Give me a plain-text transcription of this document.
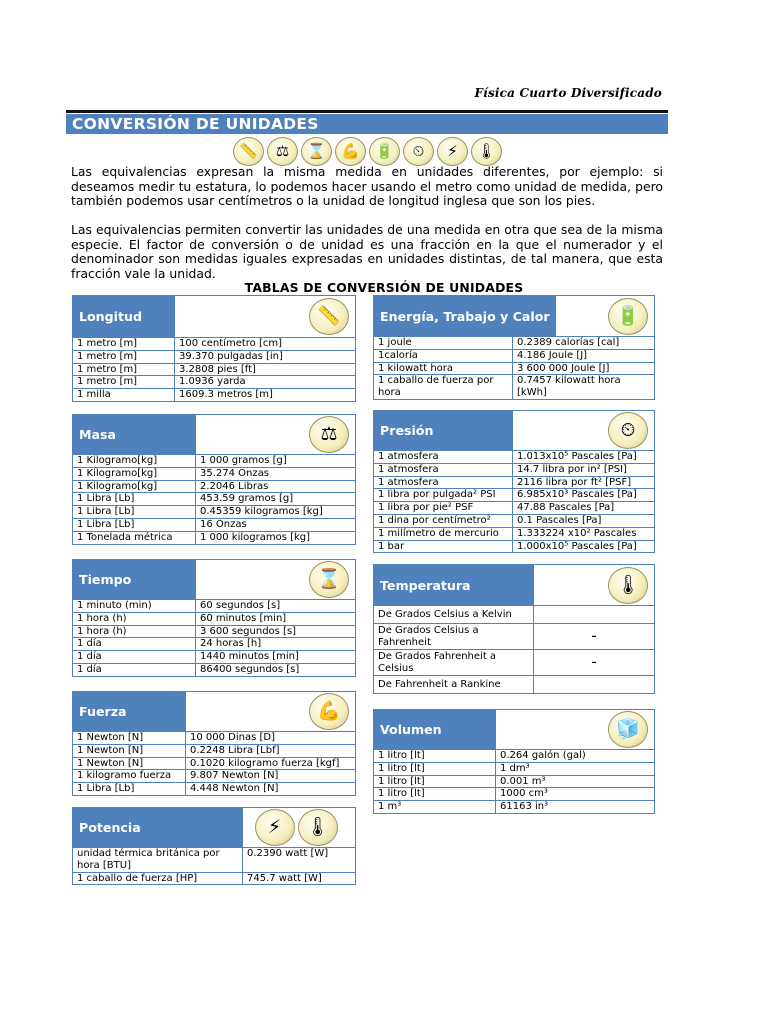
Física Cuarto Diversificado
CONVERSIÓN DE UNIDADES
📏	⚖	⌛	💪	🔋	⏲	⚡	🌡

Las equivalencias expresan la misma medida en unidades diferentes, por ejemplo: si deseamos medir tu estatura, lo podemos hacer usando el metro como unidad de medida, pero también podemos usar centímetros o la unidad de longitud inglesa que son los pies.

Las equivalencias permiten convertir las unidades de una medida en otra que sea de la misma especie. El factor de conversión o de unidad es una fracción en la que el numerador y el denominador son medidas iguales expresadas en unidades distintas, de tal manera, que esta fracción vale la unidad.

TABLAS DE CONVERSIÓN DE UNIDADES
Longitud	📏
1 metro [m]	100 centímetro [cm]
1 metro [m]	39.370 pulgadas [in]
1 metro [m]	3.2808 pies [ft]
1 metro [m]	1.0936 yarda
1 milla	1609.3 metros [m]
Masa	⚖
1 Kilogramo[kg]	1 000 gramos [g]
1 Kilogramo[kg]	35.274 Onzas
1 Kilogramo[kg]	2.2046 Libras
1 Libra [Lb]	453.59 gramos [g]
1 Libra [Lb]	0.45359 kilogramos [kg]
1 Libra [Lb]	16 Onzas
1 Tonelada métrica	1 000 kilogramos [kg]
Tiempo	⌛
1 minuto (min)	60 segundos [s]
1 hora (h)	60 minutos [min]
1 hora (h)	3 600 segundos [s]
1 día	24 horas [h]
1 día	1440 minutos [min]
1 día	86400 segundos [s]
Fuerza	💪
1 Newton [N]	10 000 Dinas [D]
1 Newton [N]	0.2248 Libra [Lbf]
1 Newton [N]	0.1020 kilogramo fuerza [kgf]
1 kilogramo fuerza	9.807 Newton [N]
1 Libra [Lb]	4.448 Newton [N]
Potencia	⚡	🌡
unidad térmica británica por hora [BTU]	0.2390 watt [W]
1 caballo de fuerza [HP]	745.7 watt [W]
Energía, Trabajo y Calor	🔋
1 joule	0.2389 calorías [cal]
1caloría	4.186 Joule [J]
1 kilowatt hora	3 600 000 Joule [J]
1 caballo de fuerza por hora	0.7457 kilowatt hora [kWh]
Presión	⏲
1 atmosfera	1.013x10⁵ Pascales [Pa]
1 atmosfera	14.7 libra por in² [PSI]
1 atmosfera	2116 libra por ft² [PSF]
1 libra por pulgada² PSI	6.985x10³ Pascales [Pa]
1 libra por pie² PSF	47.88 Pascales [Pa]
1 dina por centímetro²	0.1 Pascales [Pa]
1 milímetro de mercurio	1.333224 x10² Pascales
1 bar	1.000x10⁵ Pascales [Pa]
Temperatura	🌡
De Grados Celsius a Kelvin	
De Grados Celsius a Fahrenheit	–
De Grados Fahrenheit a Celsius	–
De Fahrenheit a Rankine	
Volumen	🧊
1 litro [lt]	0.264 galón (gal)
1 litro [lt]	1 dm³
1 litro [lt]	0.001 m³
1 litro [lt]	1000 cm³
1 m³	61163 in³
